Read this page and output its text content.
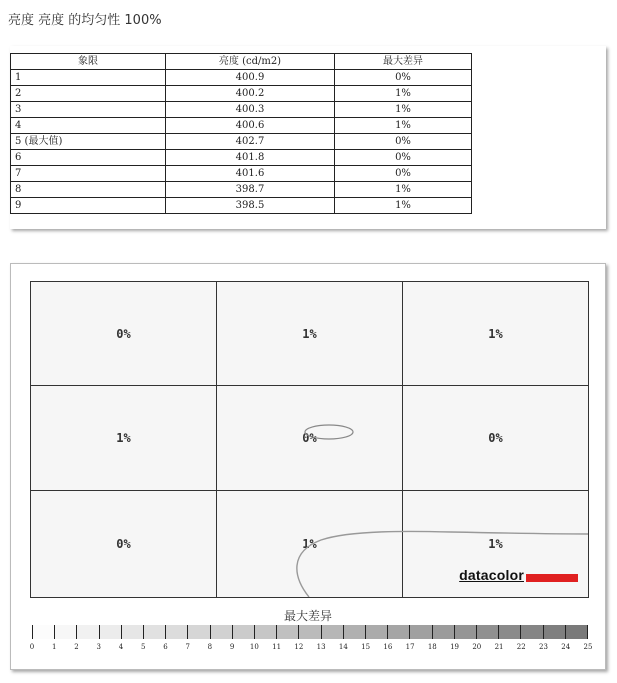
亮度 亮度 的均匀性 100%
象限	亮度 (cd/m2)	最大差异
1	400.9	0%
2	400.2	1%
3	400.3	1%
4	400.6	1%
5 (最大值)	402.7	0%
6	401.8	0%
7	401.6	0%
8	398.7	1%
9	398.5	1%
0%	1%	1%
1%	0%	0%
0%	1%	1%
datacolor
最大差异
0	1	2	3	4	5	6	7	8	9 10 11 12 13 14 15 16 17 18 19 20 21 22 23 24 25
